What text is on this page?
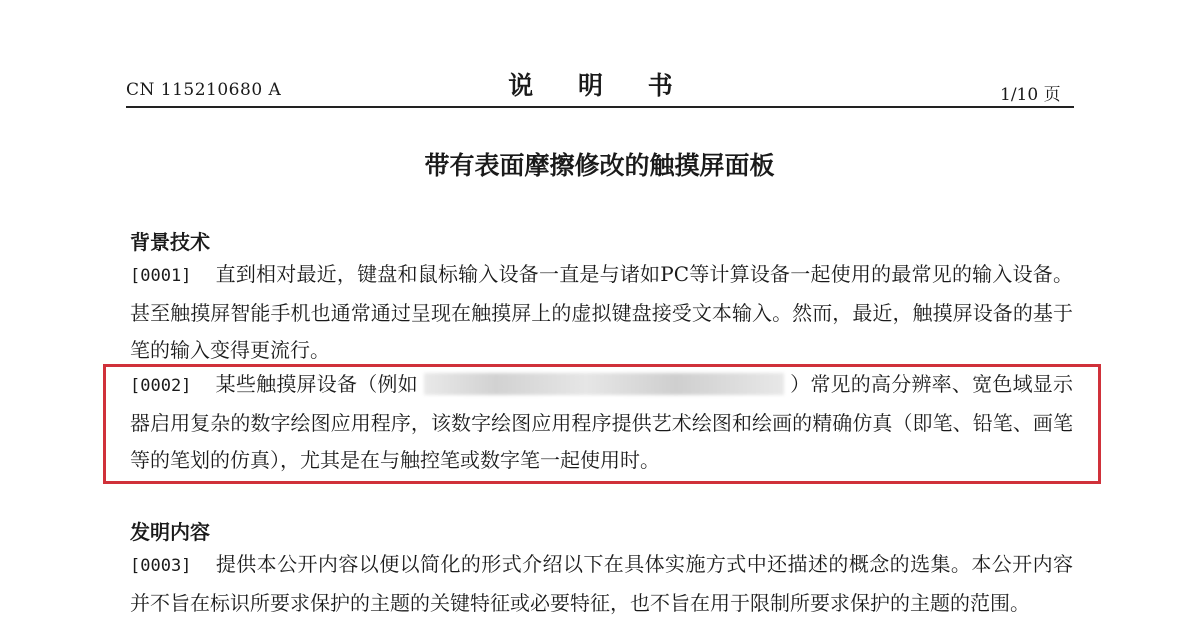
CN 115210680 A	说 明 书	1/10 页
带有表面摩擦修改的触摸屏面板
背景技术
[0001] 直到相对最近，键盘和鼠标输入设备一直是与诸如PC等计算设备一起使用的最常见的输入设备。甚至触摸屏智能手机也通常通过呈现在触摸屏上的虚拟键盘接受文本输入。然而，最近，触摸屏设备的基于笔的输入变得更流行。
[0002] 某些触摸屏设备（例如	）常见的高分辨率、宽色域显示器启用复杂的数字绘图应用程序，该数字绘图应用程序提供艺术绘图和绘画的精确仿真（即笔、铅笔、画笔等的笔划的仿真），尤其是在与触控笔或数字笔一起使用时。
发明内容
[0003] 提供本公开内容以便以简化的形式介绍以下在具体实施方式中还描述的概念的选集。本公开内容并不旨在标识所要求保护的主题的关键特征或必要特征，也不旨在用于限制所要求保护的主题的范围。
